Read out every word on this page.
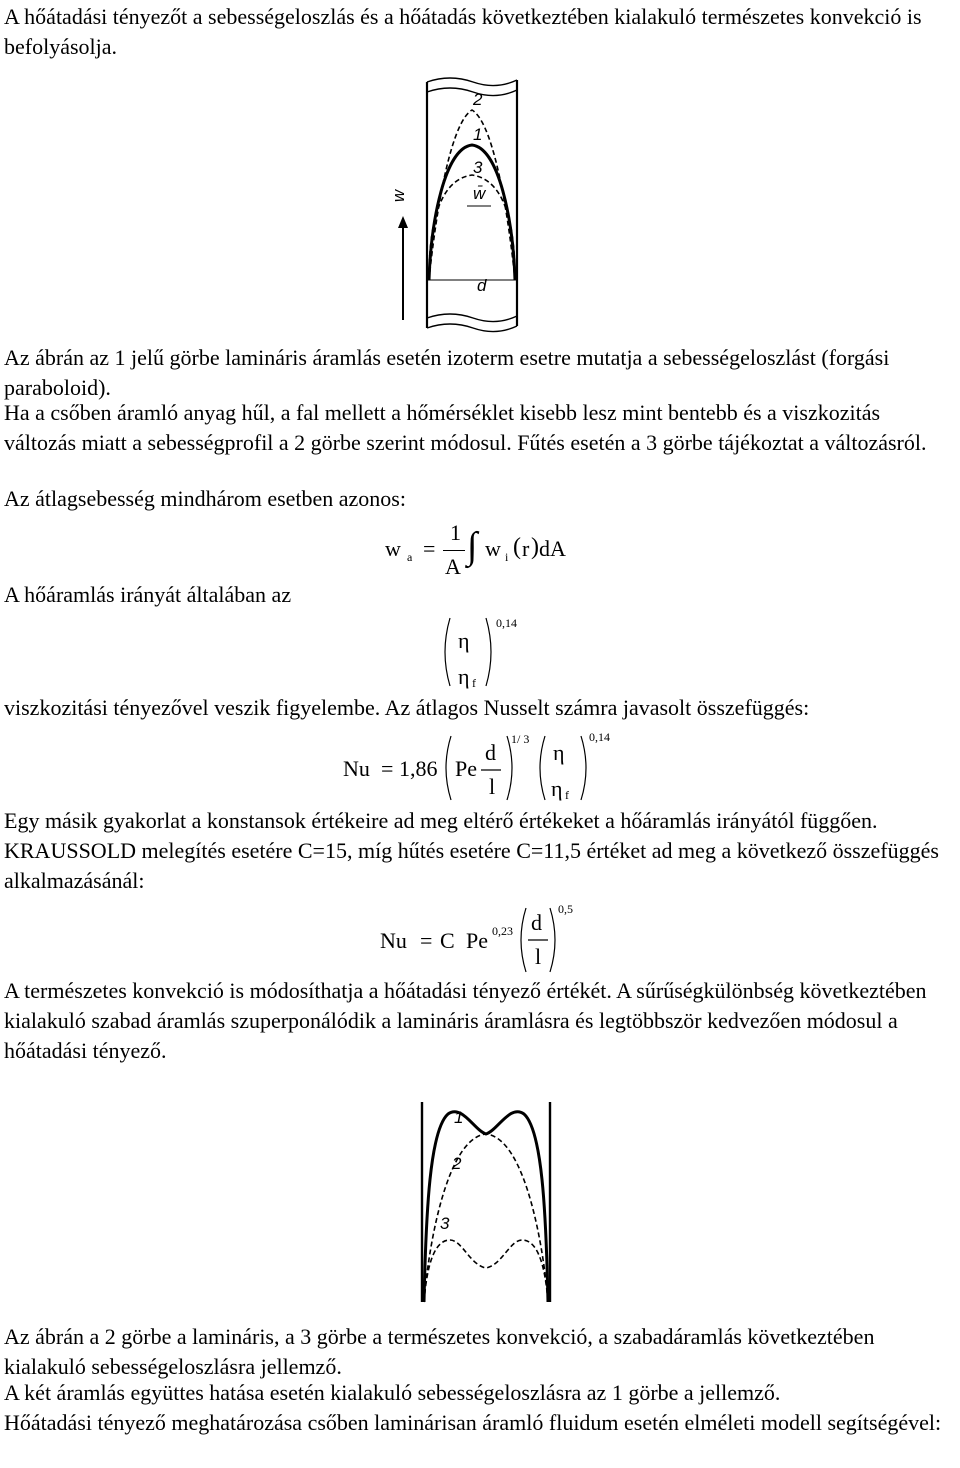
A hőátadási tényezőt a sebességeloszlás és a hőátadás következtében kialakuló természetes konvekció is befolyásolja.

2
1
3
w̄
w
d

Az ábrán az 1 jelű görbe lamináris áramlás esetén izoterm esetre mutatja a sebességeloszlást (forgási paraboloid).

Ha a csőben áramló anyag hűl, a fal mellett a hőmérséklet kisebb lesz mint bentebb és a viszkozitás változás miatt a sebességprofil a 2 görbe szerint módosul. Fűtés esetén a 3 görbe tájékoztat a változásról.

Az átlagsebesség mindhárom esetben azonos:

w a =
1
A ∫ w i ( r ) dA

A hőáramlás irányát általában az

η
η f
0,14

viszkozitási tényezővel veszik figyelembe. Az átlagos Nusselt számra javasolt összefüggés:

Nu = 1,86 Pe
d
l
1/ 3
η
η f
0,14

Egy másik gyakorlat a konstansok értékeire ad meg eltérő értékeket a hőáramlás irányától függően. KRAUSSOLD melegítés esetére C=15, míg hűtés esetére C=11,5 értéket ad meg a következő összefüggés alkalmazásánál:

Nu = C Pe 0,23 d
l
0,5

A természetes konvekció is módosíthatja a hőátadási tényező értékét. A sűrűségkülönbség következtében kialakuló szabad áramlás szuperponálódik a lamináris áramlásra és legtöbbször kedvezően módosul a hőátadási tényező.

1
2
3

Az ábrán a 2 görbe a lamináris, a 3 görbe a természetes konvekció, a szabadáramlás következtében kialakuló sebességeloszlásra jellemző.

A két áramlás együttes hatása esetén kialakuló sebességeloszlásra az 1 görbe a jellemző.

Hőátadási tényező meghatározása csőben laminárisan áramló fluidum esetén elméleti modell segítségével:
